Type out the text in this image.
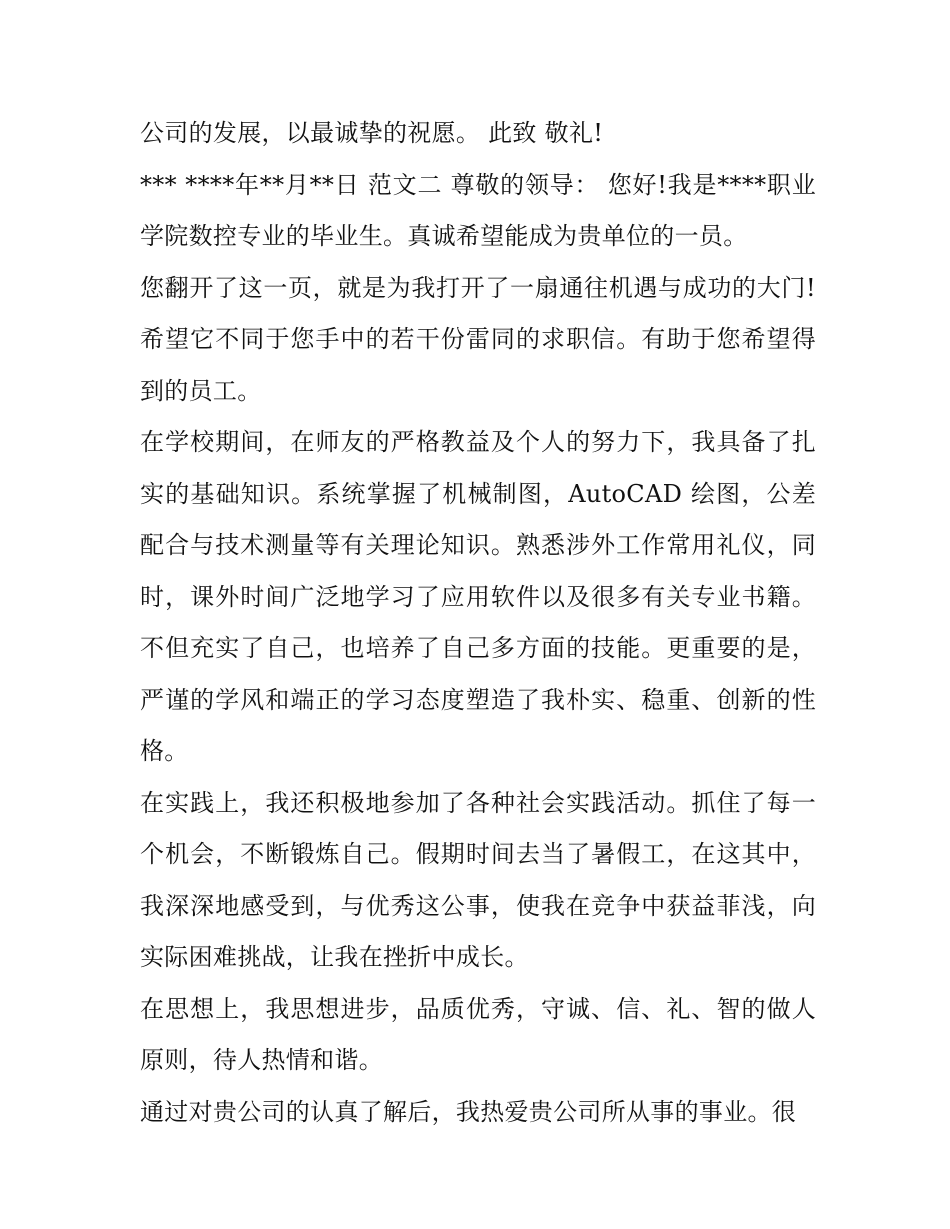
公司的发展，以最诚挚的祝愿。 此致 敬礼!

*** ****年**月**日 范文二 尊敬的领导： 您好!我是****职业学院数控专业的毕业生。真诚希望能成为贵单位的一员。

您翻开了这一页，就是为我打开了一扇通往机遇与成功的大门!希望它不同于您手中的若干份雷同的求职信。有助于您希望得到的员工。

在学校期间，在师友的严格教益及个人的努力下，我具备了扎实的基础知识。系统掌握了机械制图，AutoCAD 绘图，公差配合与技术测量等有关理论知识。熟悉涉外工作常用礼仪，同时，课外时间广泛地学习了应用软件以及很多有关专业书籍。不但充实了自己，也培养了自己多方面的技能。更重要的是，严谨的学风和端正的学习态度塑造了我朴实、稳重、创新的性格。

在实践上，我还积极地参加了各种社会实践活动。抓住了每一个机会，不断锻炼自己。假期时间去当了暑假工，在这其中，我深深地感受到，与优秀这公事，使我在竞争中获益菲浅，向实际困难挑战，让我在挫折中成长。

在思想上，我思想进步，品质优秀，守诚、信、礼、智的做人原则，待人热情和谐。

通过对贵公司的认真了解后，我热爱贵公司所从事的事业。很
